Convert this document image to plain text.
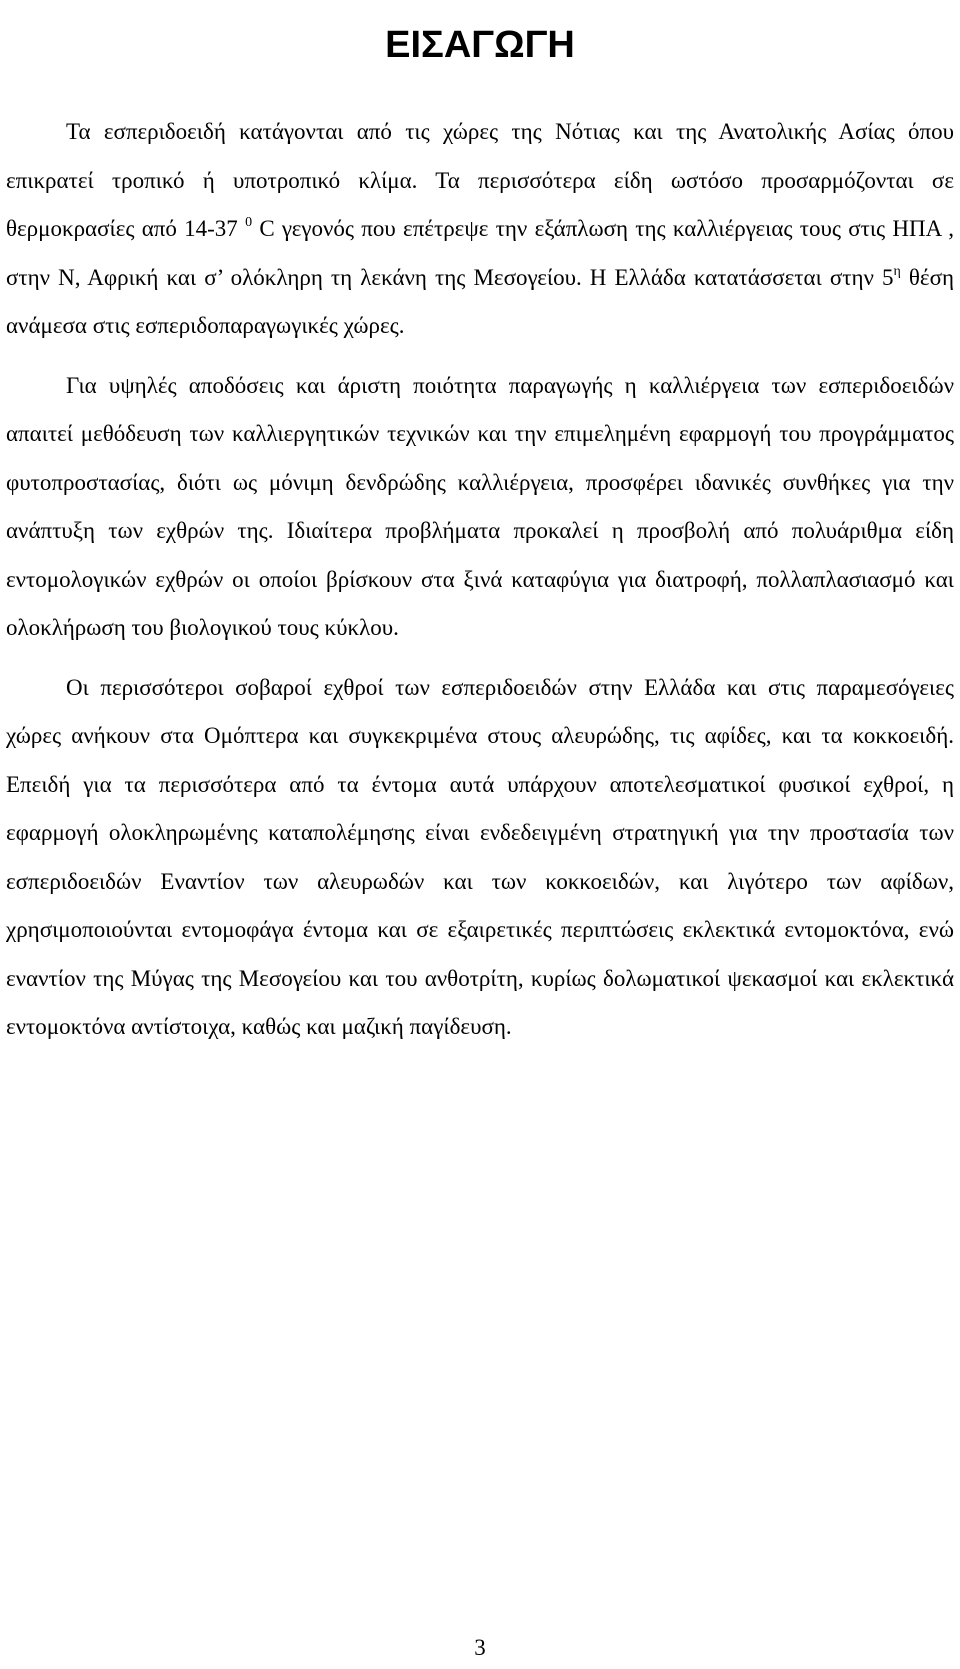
ΕΙΣΑΓΩΓΗ

Τα εσπεριδοειδή κατάγονται από τις χώρες της Νότιας και της Ανατολικής Ασίας όπου επικρατεί τροπικό ή υποτροπικό κλίμα. Τα περισσότερα είδη ωστόσο προσαρμόζονται σε θερμοκρασίες από 14-37 $^0$ C γεγονός που επέτρεψε την εξάπλωση της καλλιέργειας τους στις ΗΠΑ , στην Ν, Αφρική και σ’ ολόκληρη τη λεκάνη της Μεσογείου. Η Ελλάδα κατατάσσεται στην $5^\eta$ θέση ανάμεσα στις εσπεριδοπαραγωγικές χώρες.

Για υψηλές αποδόσεις και άριστη ποιότητα παραγωγής η καλλιέργεια των εσπεριδοειδών απαιτεί μεθόδευση των καλλιεργητικών τεχνικών και την επιμελημένη εφαρμογή του προγράμματος φυτοπροστασίας, διότι ως μόνιμη δενδρώδης καλλιέργεια, προσφέρει ιδανικές συνθήκες για την ανάπτυξη των εχθρών της. Ιδιαίτερα προβλήματα προκαλεί η προσβολή από πολυάριθμα είδη εντομολογικών εχθρών οι οποίοι βρίσκουν στα ξινά καταφύγια για διατροφή, πολλαπλασιασμό και ολοκλήρωση του βιολογικού τους κύκλου.

Οι περισσότεροι σοβαροί εχθροί των εσπεριδοειδών στην Ελλάδα και στις παραμεσόγειες χώρες ανήκουν στα Ομόπτερα και συγκεκριμένα στους αλευρώδης, τις αφίδες, και τα κοκκοειδή. Επειδή για τα περισσότερα από τα έντομα αυτά υπάρχουν αποτελεσματικοί φυσικοί εχθροί, η εφαρμογή ολοκληρωμένης καταπολέμησης είναι ενδεδειγμένη στρατηγική για την προστασία των εσπεριδοειδών Εναντίον των αλευρωδών και των κοκκοειδών, και λιγότερο των αφίδων, χρησιμοποιούνται εντομοφάγα έντομα και σε εξαιρετικές περιπτώσεις εκλεκτικά εντομοκτόνα, ενώ εναντίον της Μύγας της Μεσογείου και του ανθοτρίτη, κυρίως δολωματικοί ψεκασμοί και εκλεκτικά εντομοκτόνα αντίστοιχα, καθώς και μαζική παγίδευση.

3
